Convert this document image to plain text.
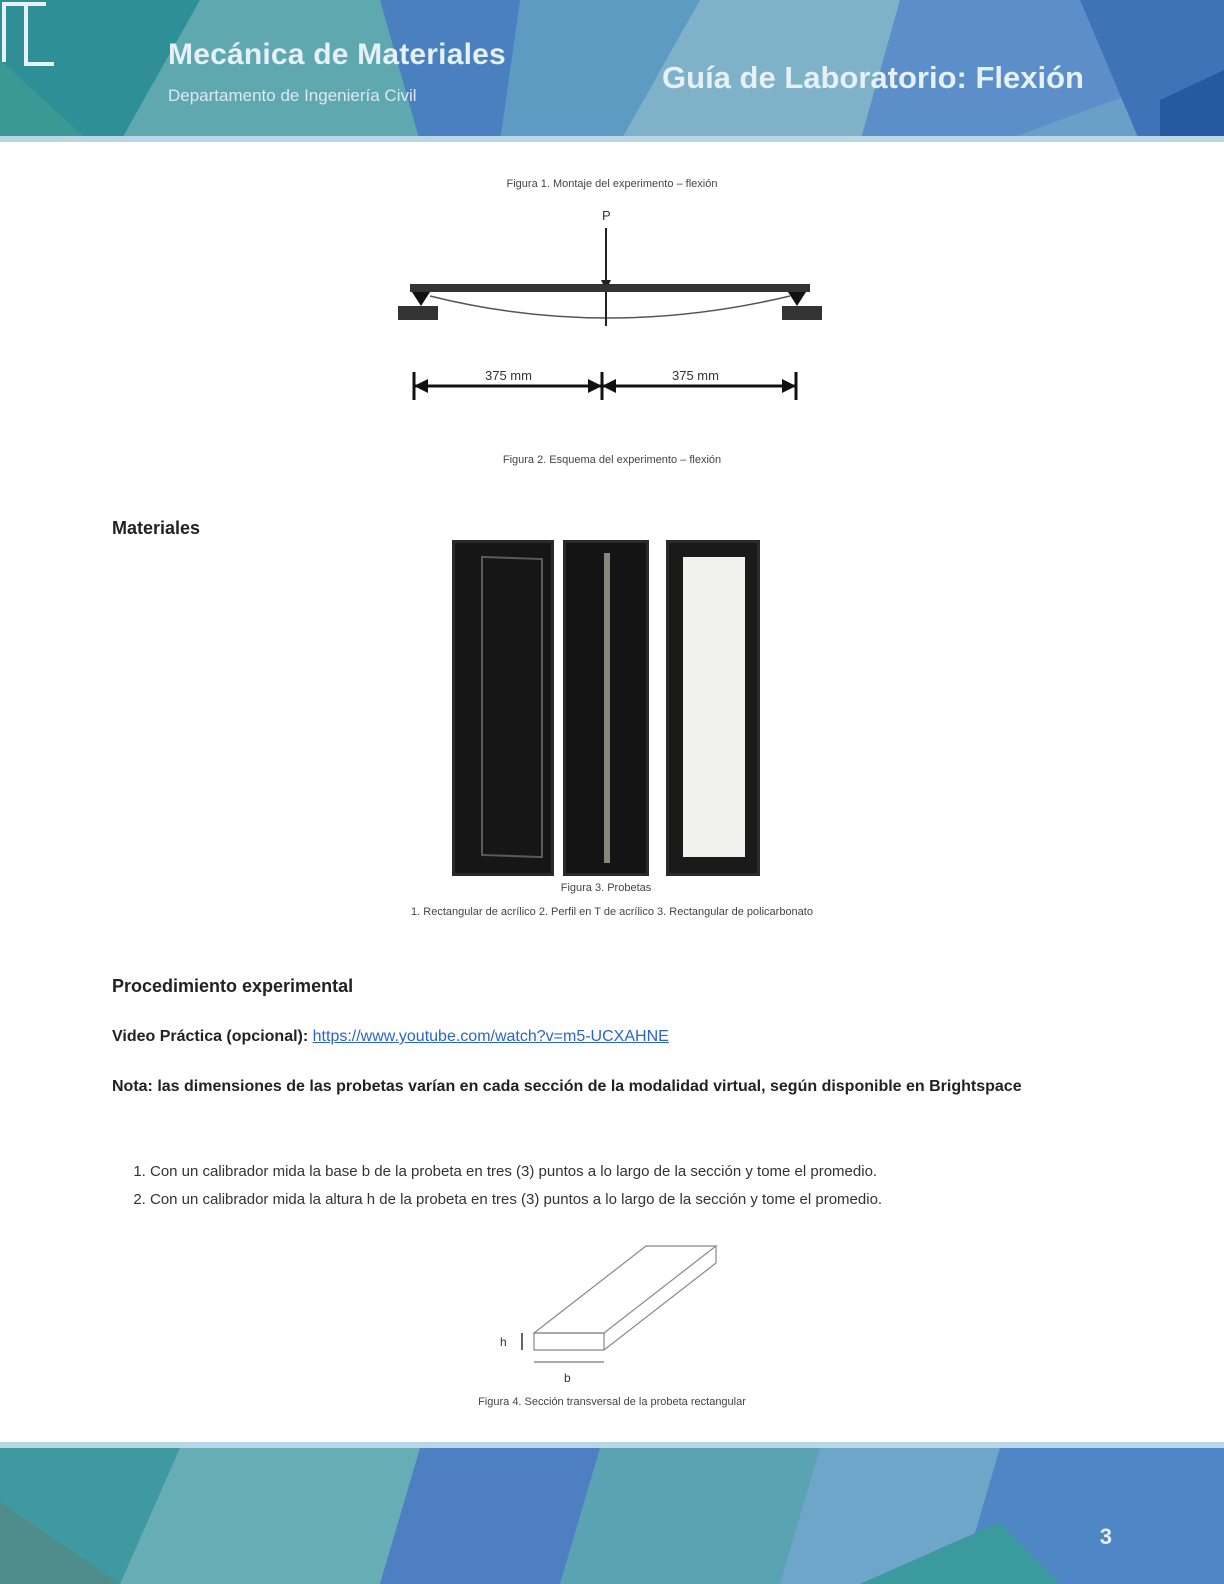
Mecánica de Materiales
Departamento de Ingeniería Civil
Guía de Laboratorio: Flexión
Figura 1. Montaje del experimento – flexión
P
375 mm	375 mm
Figura 2. Esquema del experimento – flexión
Materiales
Figura 3. Probetas
1. Rectangular de acrílico 2. Perfil en T de acrílico 3. Rectangular de policarbonato
Procedimiento experimental
Video Práctica (opcional): https://www.youtube.com/watch?v=m5-UCXAHNE
Nota: las dimensiones de las probetas varían en cada sección de la modalidad virtual, según disponible en Brightspace
1. Con un calibrador mida la base b de la probeta en tres (3) puntos a lo largo de la sección y tome el promedio.
2. Con un calibrador mida la altura h de la probeta en tres (3) puntos a lo largo de la sección y tome el promedio.
h
b
Figura 4. Sección transversal de la probeta rectangular
3
